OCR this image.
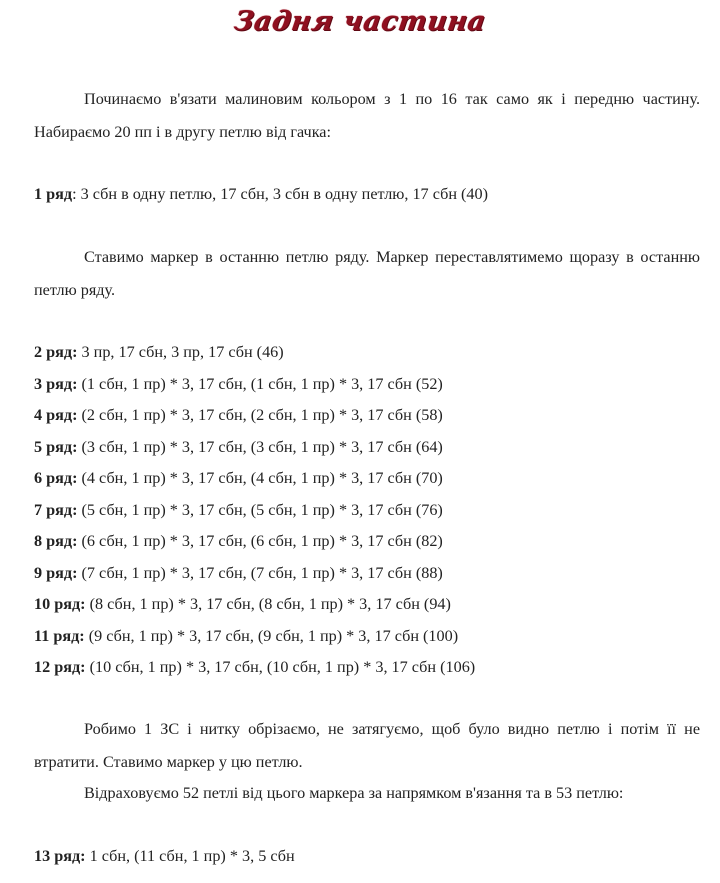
Задня частина

Починаємо в'язати малиновим кольором з 1 по 16 так само як і передню частину. Набираємо 20 пп і в другу петлю від гачка:

1 ряд: 3 сбн в одну петлю, 17 сбн, 3 сбн в одну петлю, 17 сбн (40)

Ставимо маркер в останню петлю ряду. Маркер переставлятимемо щоразу в останню петлю ряду.

2 ряд: 3 пр, 17 сбн, 3 пр, 17 сбн (46)

3 ряд: (1 сбн, 1 пр) * 3, 17 сбн, (1 сбн, 1 пр) * 3, 17 сбн (52)

4 ряд: (2 сбн, 1 пр) * 3, 17 сбн, (2 сбн, 1 пр) * 3, 17 сбн (58)

5 ряд: (3 сбн, 1 пр) * 3, 17 сбн, (3 сбн, 1 пр) * 3, 17 сбн (64)

6 ряд: (4 сбн, 1 пр) * 3, 17 сбн, (4 сбн, 1 пр) * 3, 17 сбн (70)

7 ряд: (5 сбн, 1 пр) * 3, 17 сбн, (5 сбн, 1 пр) * 3, 17 сбн (76)

8 ряд: (6 сбн, 1 пр) * 3, 17 сбн, (6 сбн, 1 пр) * 3, 17 сбн (82)

9 ряд: (7 сбн, 1 пр) * 3, 17 сбн, (7 сбн, 1 пр) * 3, 17 сбн (88)

10 ряд: (8 сбн, 1 пр) * 3, 17 сбн, (8 сбн, 1 пр) * 3, 17 сбн (94)

11 ряд: (9 сбн, 1 пр) * 3, 17 сбн, (9 сбн, 1 пр) * 3, 17 сбн (100)

12 ряд: (10 сбн, 1 пр) * 3, 17 сбн, (10 сбн, 1 пр) * 3, 17 сбн (106)

Робимо 1 ЗС і нитку обрізаємо, не затягуємо, щоб було видно петлю і потім її не втратити. Ставимо маркер у цю петлю.

Відраховуємо 52 петлі від цього маркера за напрямком в'язання та в 53 петлю:

13 ряд: 1 сбн, (11 сбн, 1 пр) * 3, 5 сбн
